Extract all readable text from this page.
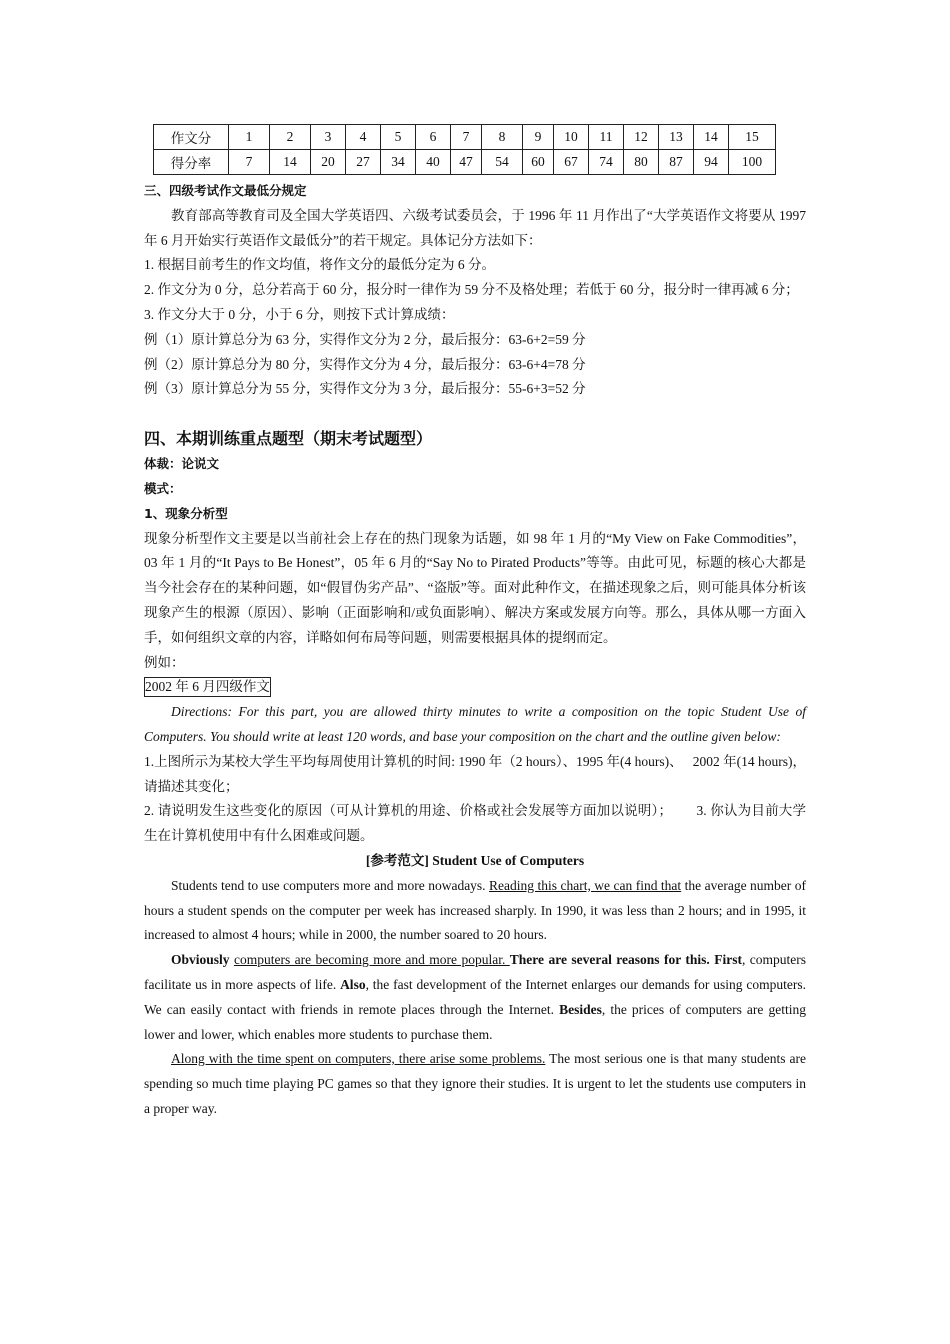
作文分	1	2	3	4	5	6	7	8	9	10	11	12	13	14	15
得分率	7	14	20	27	34	40	47	54	60	67	74	80	87	94	100

三、四级考试作文最低分规定

教育部高等教育司及全国大学英语四、六级考试委员会，于 1996 年 11 月作出了“大学英语作文将要从 1997 年 6 月开始实行英语作文最低分”的若干规定。具体记分方法如下：

1. 根据目前考生的作文均值，将作文分的最低分定为 6 分。

2. 作文分为 0 分，总分若高于 60 分，报分时一律作为 59 分不及格处理；若低于 60 分，报分时一律再减 6 分；

3. 作文分大于 0 分，小于 6 分，则按下式计算成绩：

例（1）原计算总分为 63 分，实得作文分为 2 分，最后报分：63-6+2=59 分

例（2）原计算总分为 80 分，实得作文分为 4 分，最后报分：63-6+4=78 分

例（3）原计算总分为 55 分，实得作文分为 3 分，最后报分：55-6+3=52 分

四、本期训练重点题型（期末考试题型）

体裁：论说文

模式：

1、现象分析型

现象分析型作文主要是以当前社会上存在的热门现象为话题，如 98 年 1 月的“My View on Fake Commodities”，03 年 1 月的“It Pays to Be Honest”，05 年 6 月的“Say No to Pirated Products”等等。由此可见，标题的核心大都是当今社会存在的某种问题，如“假冒伪劣产品”、“盗版”等。面对此种作文，在描述现象之后，则可能具体分析该现象产生的根源（原因）、影响（正面影响和/或负面影响）、解决方案或发展方向等。那么，具体从哪一方面入手，如何组织文章的内容，详略如何布局等问题，则需要根据具体的提纲而定。

例如：

2002 年 6 月四级作文

Directions: For this part, you are allowed thirty minutes to write a composition on the topic Student Use of Computers. You should write at least 120 words, and base your composition on the chart and the outline given below:

1.上图所示为某校大学生平均每周使用计算机的时间: 1990 年（2 hours）、1995 年(4 hours)、　 2002 年(14 hours)，请描述其变化；

2. 请说明发生这些变化的原因（可从计算机的用途、价格或社会发展等方面加以说明）；　　 3. 你认为目前大学生在计算机使用中有什么困难或问题。

[参考范文] Student Use of Computers

Students tend to use computers more and more nowadays. Reading this chart, we can find that the average number of hours a student spends on the computer per week has increased sharply. In 1990, it was less than 2 hours; and in 1995, it increased to almost 4 hours; while in 2000, the number soared to 20 hours.

Obviously computers are becoming more and more popular. There are several reasons for this. First, computers facilitate us in more aspects of life. Also, the fast development of the Internet enlarges our demands for using computers. We can easily contact with friends in remote places through the Internet. Besides, the prices of computers are getting lower and lower, which enables more students to purchase them.

Along with the time spent on computers, there arise some problems. The most serious one is that many students are spending so much time playing PC games so that they ignore their studies. It is urgent to let the students use computers in a proper way.
